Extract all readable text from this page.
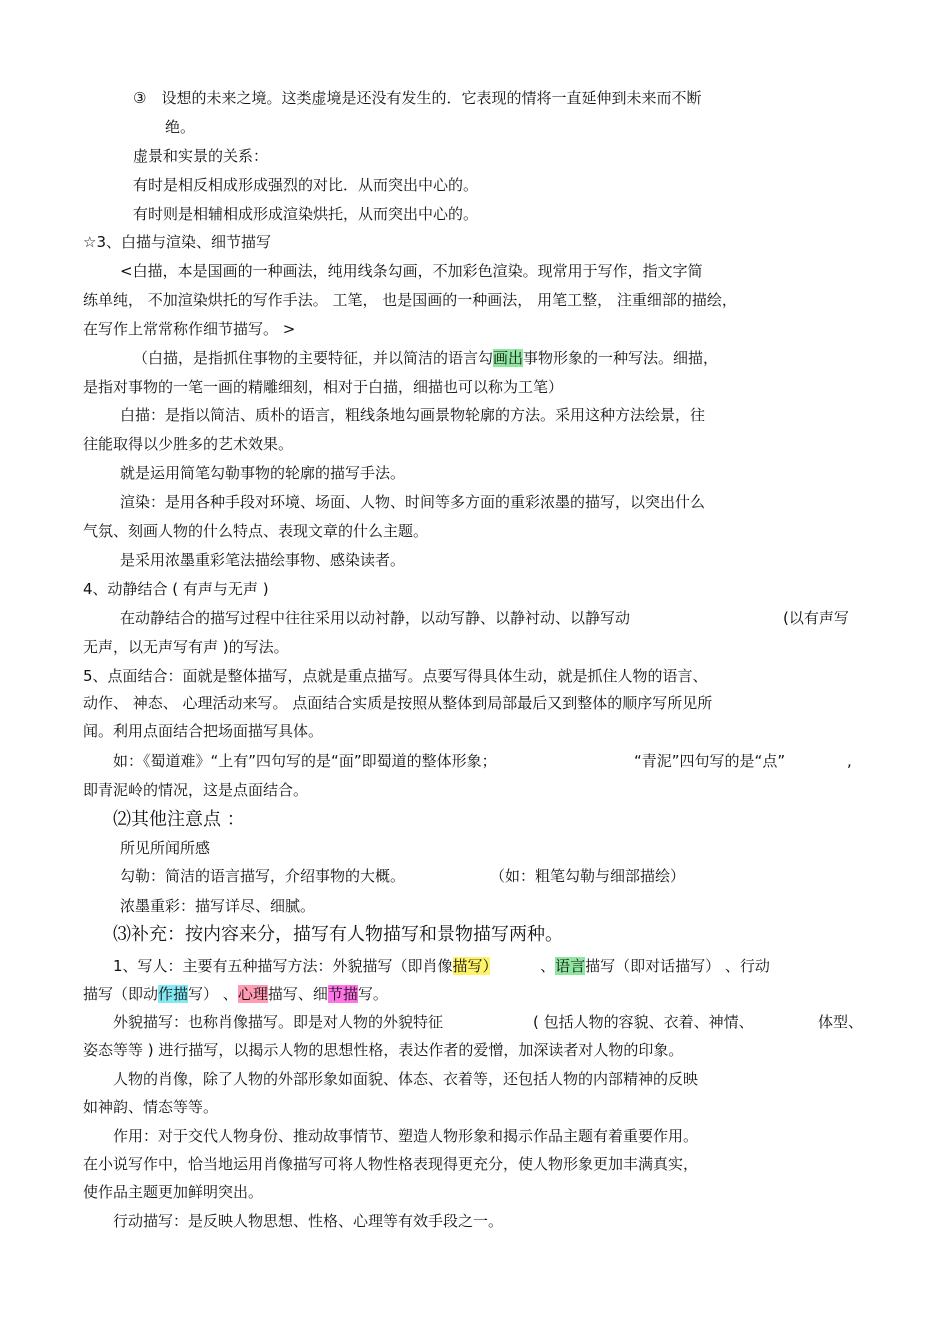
③　设想的未来之境。这类虚境是还没有发生的．它表现的情将一直延伸到未来而不断
绝。
虚景和实景的关系：
有时是相反相成形成强烈的对比．从而突出中心的。
有时则是相辅相成形成渲染烘托，从而突出中心的。
☆3、白描与渲染、细节描写
<白描，本是国画的一种画法，纯用线条勾画，不加彩色渲染。现常用于写作，指文字简
练单纯， 不加渲染烘托的写作手法。 工笔， 也是国画的一种画法， 用笔工整， 注重细部的描绘，
在写作上常常称作细节描写。 >
（白描，是指抓住事物的主要特征，并以简洁的语言勾画出事物形象的一种写法。细描，
是指对事物的一笔一画的精雕细刻，相对于白描，细描也可以称为工笔）
白描：是指以简洁、质朴的语言，粗线条地勾画景物轮廓的方法。采用这种方法绘景，往
往能取得以少胜多的艺术效果。
就是运用简笔勾勒事物的轮廓的描写手法。
渲染：是用各种手段对环境、场面、人物、时间等多方面的重彩浓墨的描写，以突出什么
气氛、刻画人物的什么特点、表现文章的什么主题。
是采用浓墨重彩笔法描绘事物、感染读者。
4、动静结合 ( 有声与无声 )
在动静结合的描写过程中往往采用以动衬静，以动写静、以静衬动、以静写动	(以有声写
无声，以无声写有声 )的写法。
5、点面结合：面就是整体描写，点就是重点描写。点要写得具体生动，就是抓住人物的语言、
动作、 神态、 心理活动来写。 点面结合实质是按照从整体到局部最后又到整体的顺序写所见所
闻。利用点面结合把场面描写具体。
如：《蜀道难》“上有”四句写的是“面”即蜀道的整体形象；	“青泥”四句写的是“点”	,
即青泥岭的情况，这是点面结合。
⑵其他注意点 ：
所见所闻所感
勾勒：简洁的语言描写，介绍事物的大概。	（如：粗笔勾勒与细部描绘）
浓墨重彩：描写详尽、细腻。
⑶补充：按内容来分，描写有人物描写和景物描写两种。
1、写人：主要有五种描写方法：外貌描写（即肖像描写）	、语言描写（即对话描写） 、行动
描写（即动作描写） 、心理描写、细节描写。
外貌描写：也称肖像描写。即是对人物的外貌特征	( 包括人物的容貌、衣着、神情、	体型、
姿态等等 ) 进行描写，以揭示人物的思想性格，表达作者的爱憎，加深读者对人物的印象。
人物的肖像，除了人物的外部形象如面貌、体态、衣着等，还包括人物的内部精神的反映
如神韵、情态等等。
作用：对于交代人物身份、推动故事情节、塑造人物形象和揭示作品主题有着重要作用。
在小说写作中，恰当地运用肖像描写可将人物性格表现得更充分，使人物形象更加丰满真实，
使作品主题更加鲜明突出。
行动描写：是反映人物思想、性格、心理等有效手段之一。
